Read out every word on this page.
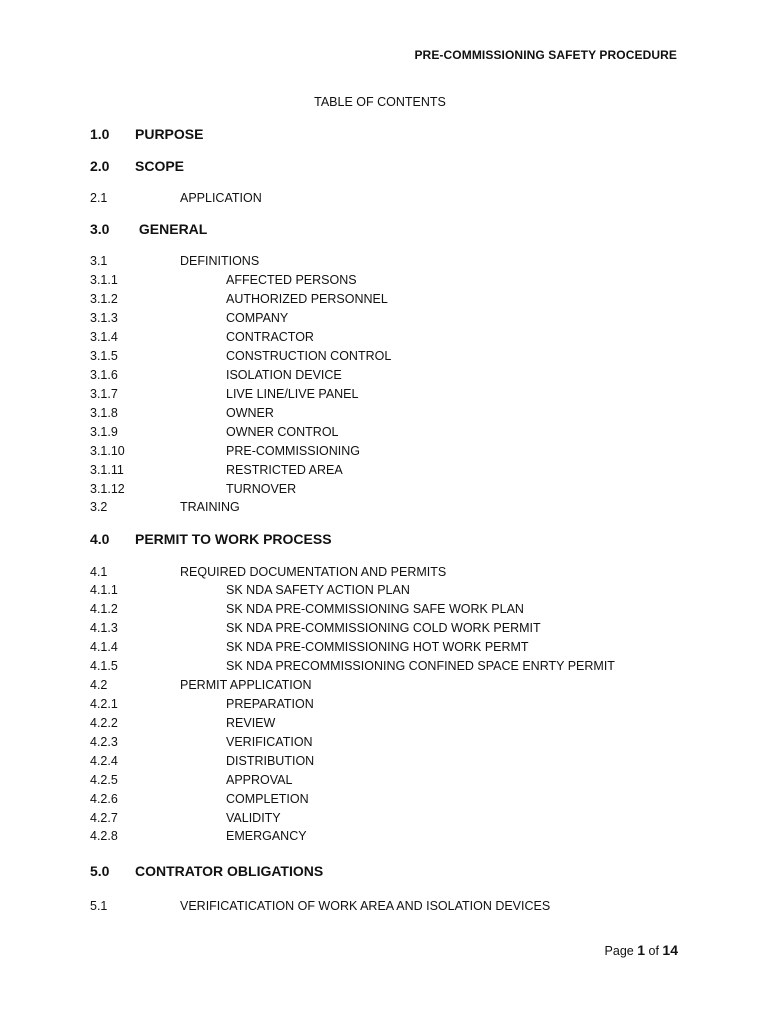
PRE-COMMISSIONING SAFETY PROCEDURE
TABLE OF CONTENTS
1.0 PURPOSE
2.0 SCOPE
2.1	APPLICATION
3.0 GENERAL
3.1	DEFINITIONS
3.1.1	AFFECTED PERSONS
3.1.2	AUTHORIZED PERSONNEL
3.1.3	COMPANY
3.1.4	CONTRACTOR
3.1.5	CONSTRUCTION CONTROL
3.1.6	ISOLATION DEVICE
3.1.7	LIVE LINE/LIVE PANEL
3.1.8	OWNER
3.1.9	OWNER CONTROL
3.1.10	PRE-COMMISSIONING
3.1.11	RESTRICTED AREA
3.1.12	TURNOVER
3.2	TRAINING
4.0 PERMIT TO WORK PROCESS
4.1	REQUIRED DOCUMENTATION AND PERMITS
4.1.1	SK NDA SAFETY ACTION PLAN
4.1.2	SK NDA PRE-COMMISSIONING SAFE WORK PLAN
4.1.3	SK NDA PRE-COMMISSIONING COLD WORK PERMIT
4.1.4	SK NDA PRE-COMMISSIONING HOT WORK PERMT
4.1.5	SK NDA PRECOMMISSIONING CONFINED SPACE ENRTY PERMIT
4.2	PERMIT APPLICATION
4.2.1	PREPARATION
4.2.2	REVIEW
4.2.3	VERIFICATION
4.2.4	DISTRIBUTION
4.2.5	APPROVAL
4.2.6	COMPLETION
4.2.7	VALIDITY
4.2.8	EMERGANCY
5.0 CONTRATOR OBLIGATIONS
5.1	VERIFICATICATION OF WORK AREA AND ISOLATION DEVICES
Page 1 of 14
